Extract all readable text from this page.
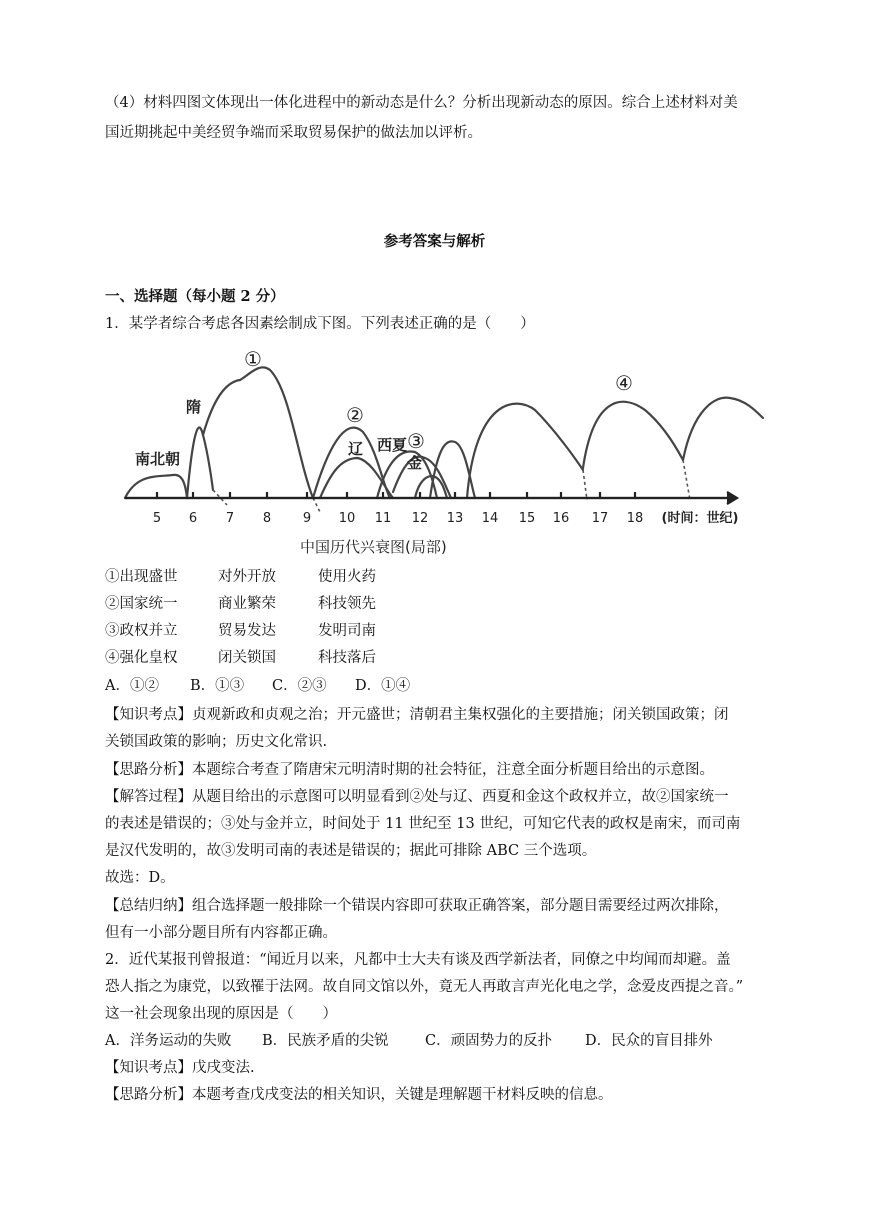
（4）材料四图文体现出一体化进程中的新动态是什么？分析出现新动态的原因。综合上述材料对美
国近期挑起中美经贸争端而采取贸易保护的做法加以评析。
参考答案与解析
一、选择题（每小题 2 分）
1．某学者综合考虑各因素绘制成下图。下列表述正确的是（　　）
5 6 7 8 9 10 11 12 13 14 15 16 17 18 (时间：世纪)
南北朝
隋
辽 西夏
金
①
②
③
④
中国历代兴衰图(局部)
①出现盛世	对外开放	使用火药
②国家统一	商业繁荣	科技领先
③政权并立	贸易发达	发明司南
④强化皇权	闭关锁国	科技落后
A．①② B．①③ C．②③ D．①④
【知识考点】贞观新政和贞观之治；开元盛世；清朝君主集权强化的主要措施；闭关锁国政策；闭
关锁国政策的影响；历史文化常识.
【思路分析】本题综合考查了隋唐宋元明清时期的社会特征，注意全面分析题目给出的示意图。
【解答过程】从题目给出的示意图可以明显看到②处与辽、西夏和金这个政权并立，故②国家统一
的表述是错误的；③处与金并立，时间处于 11 世纪至 13 世纪，可知它代表的政权是南宋，而司南
是汉代发明的，故③发明司南的表述是错误的；据此可排除 ABC 三个选项。
故选：D。
【总结归纳】组合选择题一般排除一个错误内容即可获取正确答案，部分题目需要经过两次排除，
但有一小部分题目所有内容都正确。
2．近代某报刊曾报道：“闻近月以来，凡都中士大夫有谈及西学新法者，同僚之中均闻而却避。盖
恐人指之为康党，以致罹于法网。故自同文馆以外，竟无人再敢言声光化电之学，念爱皮西提之音。”
这一社会现象出现的原因是（　　）
A．洋务运动的失败 B．民族矛盾的尖锐	C．顽固势力的反扑 D．民众的盲目排外
【知识考点】戊戌变法.
【思路分析】本题考查戊戌变法的相关知识，关键是理解题干材料反映的信息。
